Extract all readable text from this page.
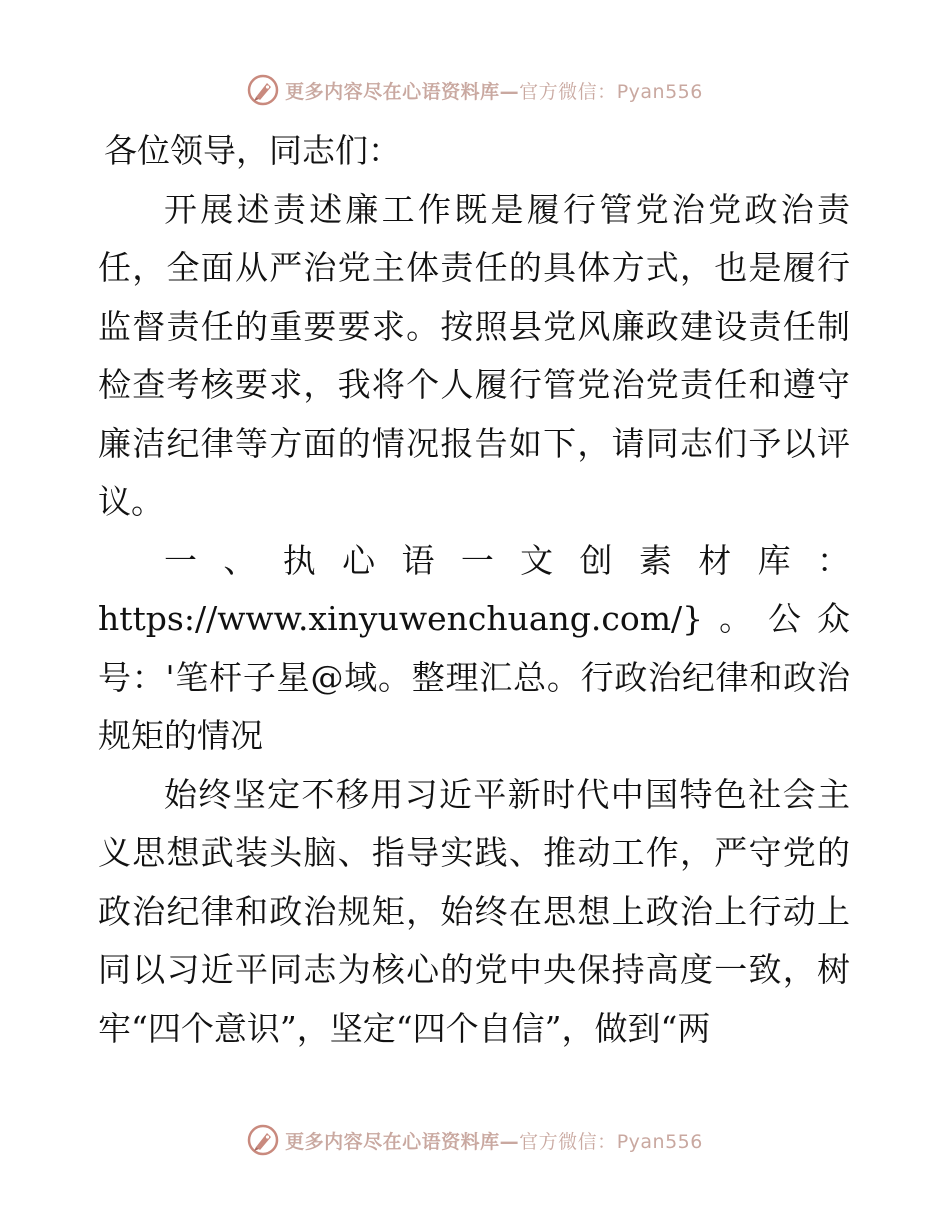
更多内容尽在心语资料库—官方微信：Pyan556

各位领导，同志们：

开展述责述廉工作既是履行管党治党政治责任，全面从严治党主体责任的具体方式，也是履行监督责任的重要要求。按照县党风廉政建设责任制检查考核要求，我将个人履行管党治党责任和遵守廉洁纪律等方面的情况报告如下，请同志们予以评议。

一、执心语一文创素材库：https://www.xinyuwenchuang.com/}。公众号：'笔杆子星@域。整理汇总。行政治纪律和政治规矩的情况

始终坚定不移用习近平新时代中国特色社会主义思想武装头脑、指导实践、推动工作，严守党的政治纪律和政治规矩，始终在思想上政治上行动上同以习近平同志为核心的党中央保持高度一致，树牢“四个意识”，坚定“四个自信”，做到“两

更多内容尽在心语资料库—官方微信：Pyan556
